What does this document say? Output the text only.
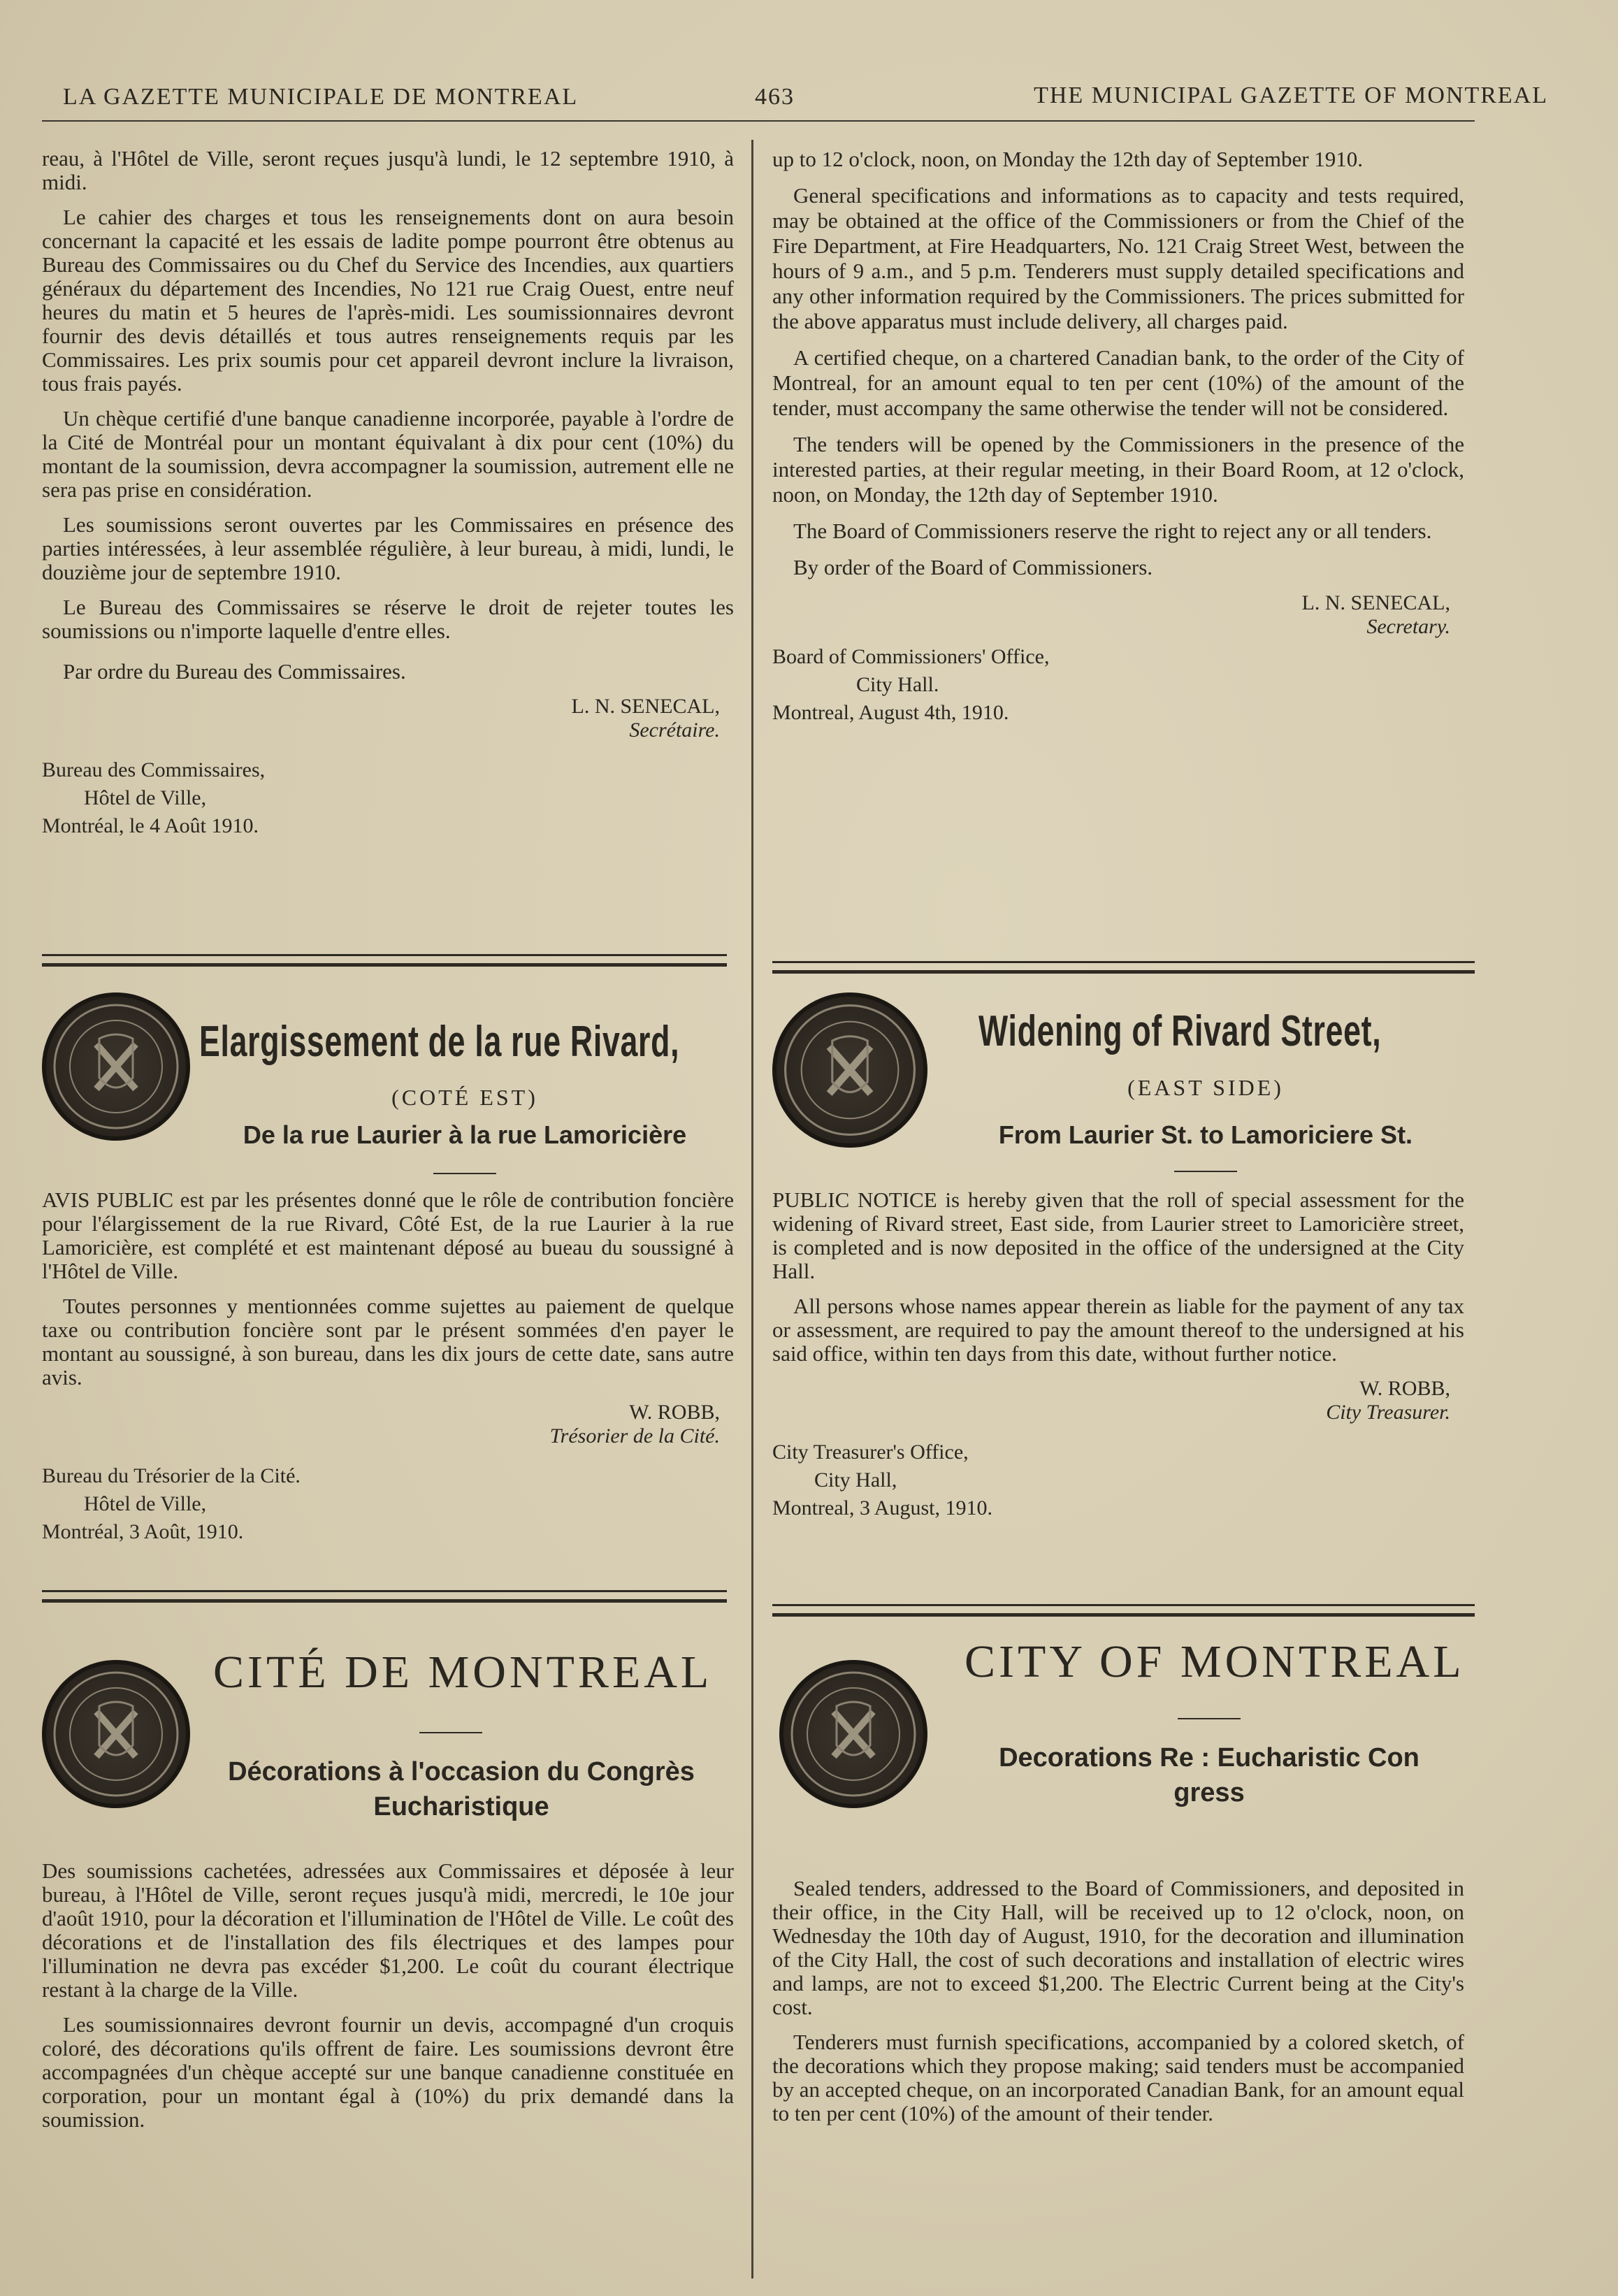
LA GAZETTE MUNICIPALE DE MONTREAL	463	THE MUNICIPAL GAZETTE OF MONTREAL

reau, à l'Hôtel de Ville, seront reçues jusqu'à lundi, le 12 septembre 1910, à midi.

Le cahier des charges et tous les renseignements dont on aura besoin concernant la capacité et les essais de ladite pompe pourront être obtenus au Bureau des Commissaires ou du Chef du Service des Incendies, aux quartiers généraux du département des Incendies, No 121 rue Craig Ouest, entre neuf heures du matin et 5 heures de l'après-midi. Les soumissionnaires devront fournir des devis détaillés et tous autres renseignements requis par les Commissaires. Les prix soumis pour cet appareil devront inclure la livraison, tous frais payés.

Un chèque certifié d'une banque canadienne incorporée, payable à l'ordre de la Cité de Montréal pour un montant équivalant à dix pour cent (10%) du montant de la soumission, devra accompagner la soumission, autrement elle ne sera pas prise en considération.

Les soumissions seront ouvertes par les Commissaires en présence des parties intéressées, à leur assemblée régulière, à leur bureau, à midi, lundi, le douzième jour de septembre 1910.

Le Bureau des Commissaires se réserve le droit de rejeter toutes les soumissions ou n'importe laquelle d'entre elles.

Par ordre du Bureau des Commissaires.

L. N. SENECAL,
Secrétaire.
Bureau des Commissaires,
Hôtel de Ville,
Montréal, le 4 Août 1910.

up to 12 o'clock, noon, on Monday the 12th day of September 1910.

General specifications and informations as to capacity and tests required, may be obtained at the office of the Commissioners or from the Chief of the Fire Department, at Fire Headquarters, No. 121 Craig Street West, between the hours of 9 a.m., and 5 p.m. Tenderers must supply detailed specifications and any other information required by the Commissioners. The prices submitted for the above apparatus must include delivery, all charges paid.

A certified cheque, on a chartered Canadian bank, to the order of the City of Montreal, for an amount equal to ten per cent (10%) of the amount of the tender, must accompany the same otherwise the tender will not be considered.

The tenders will be opened by the Commissioners in the presence of the interested parties, at their regular meeting, in their Board Room, at 12 o'clock, noon, on Monday, the 12th day of September 1910.

The Board of Commissioners reserve the right to reject any or all tenders.

By order of the Board of Commissioners.

L. N. SENECAL,
Secretary.
Board of Commissioners' Office,
City Hall.
Montreal, August 4th, 1910.
Elargissement de la rue Rivard,
(COTÉ EST)
De la rue Laurier à la rue Lamoricière

AVIS PUBLIC est par les présentes donné que le rôle de contribution foncière pour l'élargissement de la rue Rivard, Côté Est, de la rue Laurier à la rue Lamoricière, est complété et est maintenant déposé au bueau du soussigné à l'Hôtel de Ville.

Toutes personnes y mentionnées comme sujettes au paiement de quelque taxe ou contribution foncière sont par le présent sommées d'en payer le montant au soussigné, à son bureau, dans les dix jours de cette date, sans autre avis.

W. ROBB,
Trésorier de la Cité.
Bureau du Trésorier de la Cité.
Hôtel de Ville,
Montréal, 3 Août, 1910.
Widening of Rivard Street,
(EAST SIDE)
From Laurier St. to Lamoriciere St.

PUBLIC NOTICE is hereby given that the roll of special assessment for the widening of Rivard street, East side, from Laurier street to Lamoricière street, is completed and is now deposited in the office of the undersigned at the City Hall.

All persons whose names appear therein as liable for the payment of any tax or assessment, are required to pay the amount thereof to the undersigned at his said office, within ten days from this date, without further notice.

W. ROBB,
City Treasurer.
City Treasurer's Office,
City Hall,
Montreal, 3 August, 1910.
CITÉ DE MONTREAL
Décorations à l'occasion du Congrès Eucharistique

Des soumissions cachetées, adressées aux Commissaires et déposée à leur bureau, à l'Hôtel de Ville, seront reçues jusqu'à midi, mercredi, le 10e jour d'août 1910, pour la décoration et l'illumination de l'Hôtel de Ville. Le coût des décorations et de l'installation des fils électriques et des lampes pour l'illumination ne devra pas excéder $1,200. Le coût du courant électrique restant à la charge de la Ville.

Les soumissionnaires devront fournir un devis, accompagné d'un croquis coloré, des décorations qu'ils offrent de faire. Les soumissions devront être accompagnées d'un chèque accepté sur une banque canadienne constituée en corporation, pour un montant égal à (10%) du prix demandé dans la soumission.

CITY OF MONTREAL
Decorations Re : Eucharistic Con gress

Sealed tenders, addressed to the Board of Commissioners, and deposited in their office, in the City Hall, will be received up to 12 o'clock, noon, on Wednesday the 10th day of August, 1910, for the decoration and illumination of the City Hall, the cost of such decorations and installation of electric wires and lamps, are not to exceed $1,200. The Electric Current being at the City's cost.

Tenderers must furnish specifications, accompanied by a colored sketch, of the decorations which they propose making; said tenders must be accompanied by an accepted cheque, on an incorporated Canadian Bank, for an amount equal to ten per cent (10%) of the amount of their tender.
